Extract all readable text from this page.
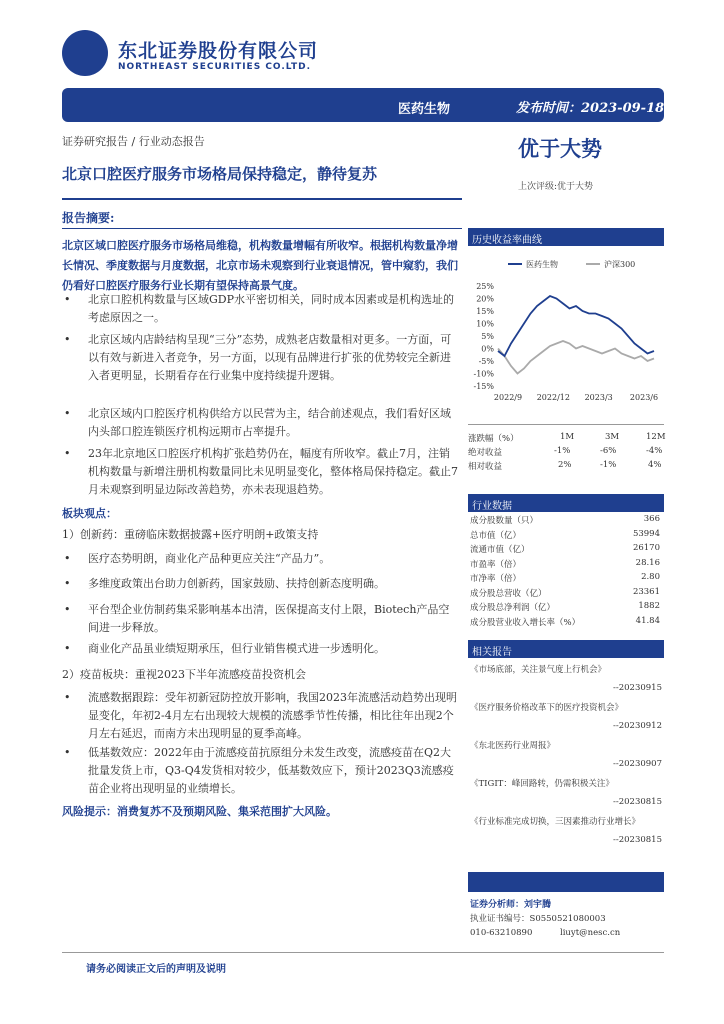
东北证券股份有限公司
NORTHEAST SECURITIES CO.LTD.
医药生物	发布时间：2023-09-18
证券研究报告 / 行业动态报告
北京口腔医疗服务市场格局保持稳定，静待复苏
优于大势
上次评级:优于大势
报告摘要:
北京区域口腔医疗服务市场格局维稳，机构数量增幅有所收窄。根据机构数量净增长情况、季度数据与月度数据，北京市场未观察到行业衰退情况，管中窥豹，我们仍看好口腔医疗服务行业长期有望保持高景气度。
• 北京口腔机构数量与区域GDP水平密切相关，同时成本因素或是机构选址的考虑原因之一。
• 北京区域内店龄结构呈现“三分”态势，成熟老店数量相对更多。一方面，可以有效与新进入者竞争，另一方面，以现有品牌进行扩张的优势较完全新进入者更明显，长期看存在行业集中度持续提升逻辑。
• 北京区域内口腔医疗机构供给方以民营为主，结合前述观点，我们看好区域内头部口腔连锁医疗机构远期市占率提升。
• 23年北京地区口腔医疗机构扩张趋势仍在，幅度有所收窄。截止7月，注销机构数量与新增注册机构数量同比未见明显变化，整体格局保持稳定。截止7月未观察到明显边际改善趋势，亦未表现退趋势。
板块观点：
1）创新药：重磅临床数据披露+医疗明朗+政策支持
• 医疗态势明朗，商业化产品种更应关注“产品力”。
• 多维度政策出台助力创新药，国家鼓励、扶持创新态度明确。
• 平台型企业仿制药集采影响基本出清，医保提高支付上限，Biotech产品空间进一步释放。
• 商业化产品虽业绩短期承压，但行业销售模式进一步透明化。
2）疫苗板块：重视2023下半年流感疫苗投资机会
• 流感数据跟踪：受年初新冠防控放开影响，我国2023年流感活动趋势出现明显变化，年初2-4月左右出现较大规模的流感季节性传播，相比往年出现2个月左右延迟，而南方未出现明显的夏季高峰。
• 低基数效应：2022年由于流感疫苗抗原组分未发生改变，流感疫苗在Q2大批量发货上市，Q3-Q4发货相对较少，低基数效应下，预计2023Q3流感疫苗企业将出现明显的业绩增长。
风险提示：消费复苏不及预期风险、集采范围扩大风险。
历史收益率曲线
25%
20%
15%
10%
5%
0%
-5%
-10%
-15%
2022/9 2022/12 2023/3 2023/6
医药生物	沪深300
涨跌幅（%）	1M	3M	12M
绝对收益	-1%	-6%	-4%
相对收益	2%	-1%	4%
行业数据
成分股数量（只）	366
总市值（亿）	53994
流通市值（亿）	26170
市盈率（倍）	28.16
市净率（倍）	2.80
成分股总营收（亿）	23361
成分股总净利润（亿）	1882
成分股营业收入增长率（%）	41.84
相关报告
《市场底部，关注景气度上行机会》
--20230915
《医疗服务价格改革下的医疗投资机会》
--20230912
《东北医药行业周报》
--20230907
《TIGIT：峰回路转，仍需积极关注》
--20230815
《行业标准完成切换，三因素推动行业增长》
--20230815
证券分析师：刘宇腾
执业证书编号：S0550521080003
010-63210890	liuyt@nesc.cn
请务必阅读正文后的声明及说明
